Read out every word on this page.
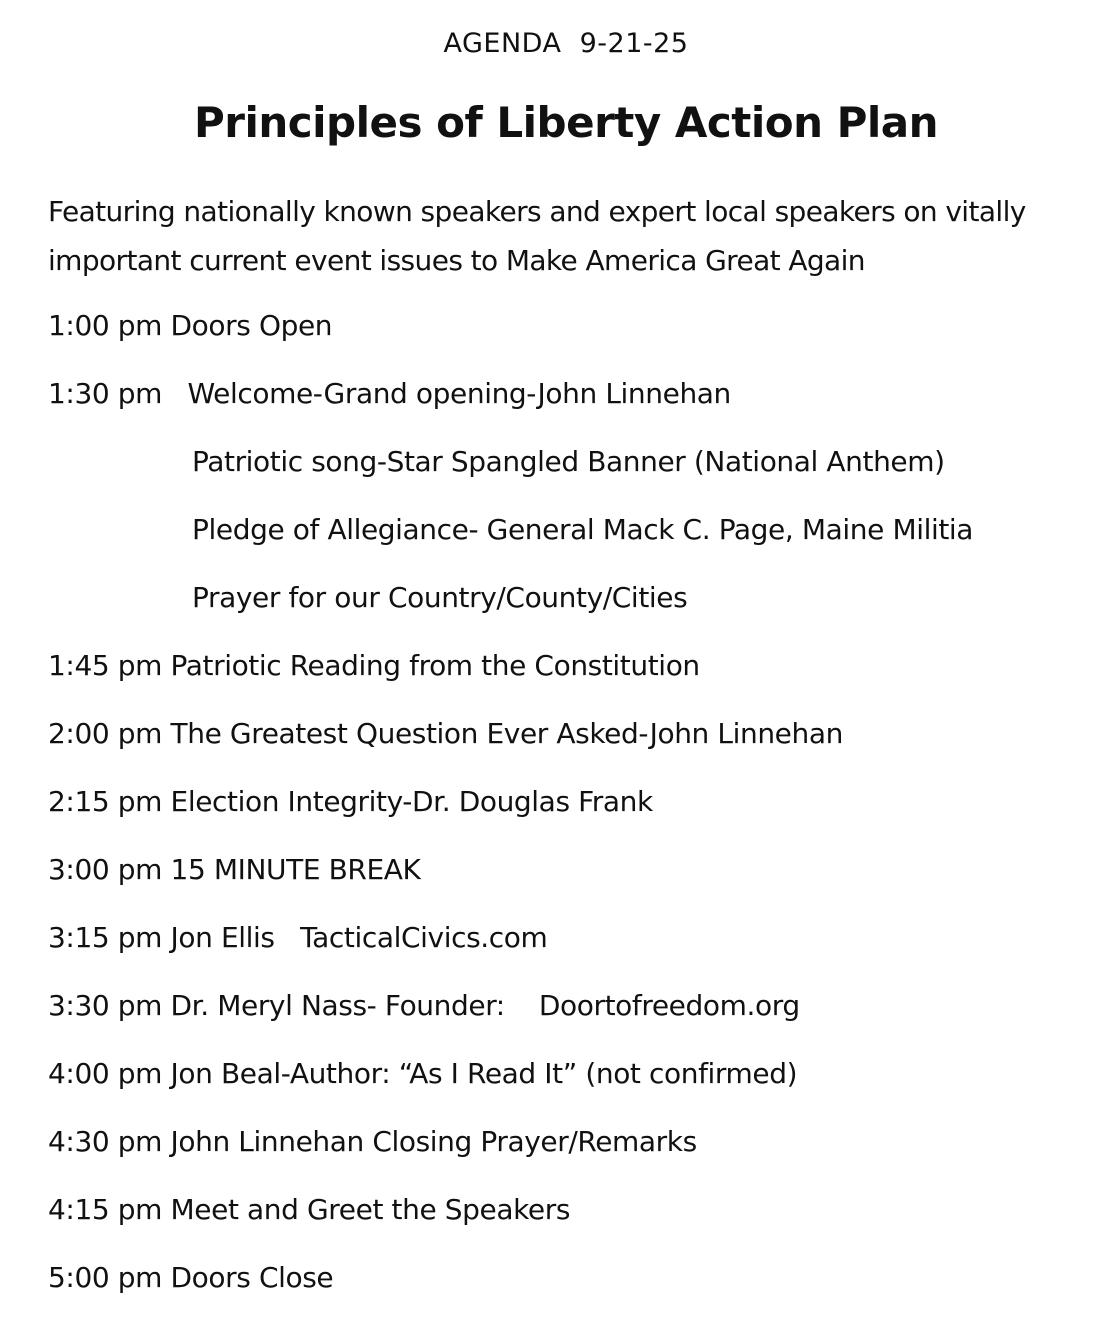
AGENDA  9-21-25
Principles of Liberty Action Plan
Featuring nationally known speakers and expert local speakers on vitally important current event issues to Make America Great Again
1:00 pm Doors Open
1:30 pm   Welcome-Grand opening-John Linnehan
Patriotic song-Star Spangled Banner (National Anthem)
Pledge of Allegiance- General Mack C. Page, Maine Militia
Prayer for our Country/County/Cities
1:45 pm Patriotic Reading from the Constitution
2:00 pm The Greatest Question Ever Asked-John Linnehan
2:15 pm Election Integrity-Dr. Douglas Frank
3:00 pm 15 MINUTE BREAK
3:15 pm Jon Ellis   TacticalCivics.com
3:30 pm Dr. Meryl Nass- Founder:    Doortofreedom.org
4:00 pm Jon Beal-Author: “As I Read It” (not confirmed)
4:30 pm John Linnehan Closing Prayer/Remarks
4:15 pm Meet and Greet the Speakers
5:00 pm Doors Close
